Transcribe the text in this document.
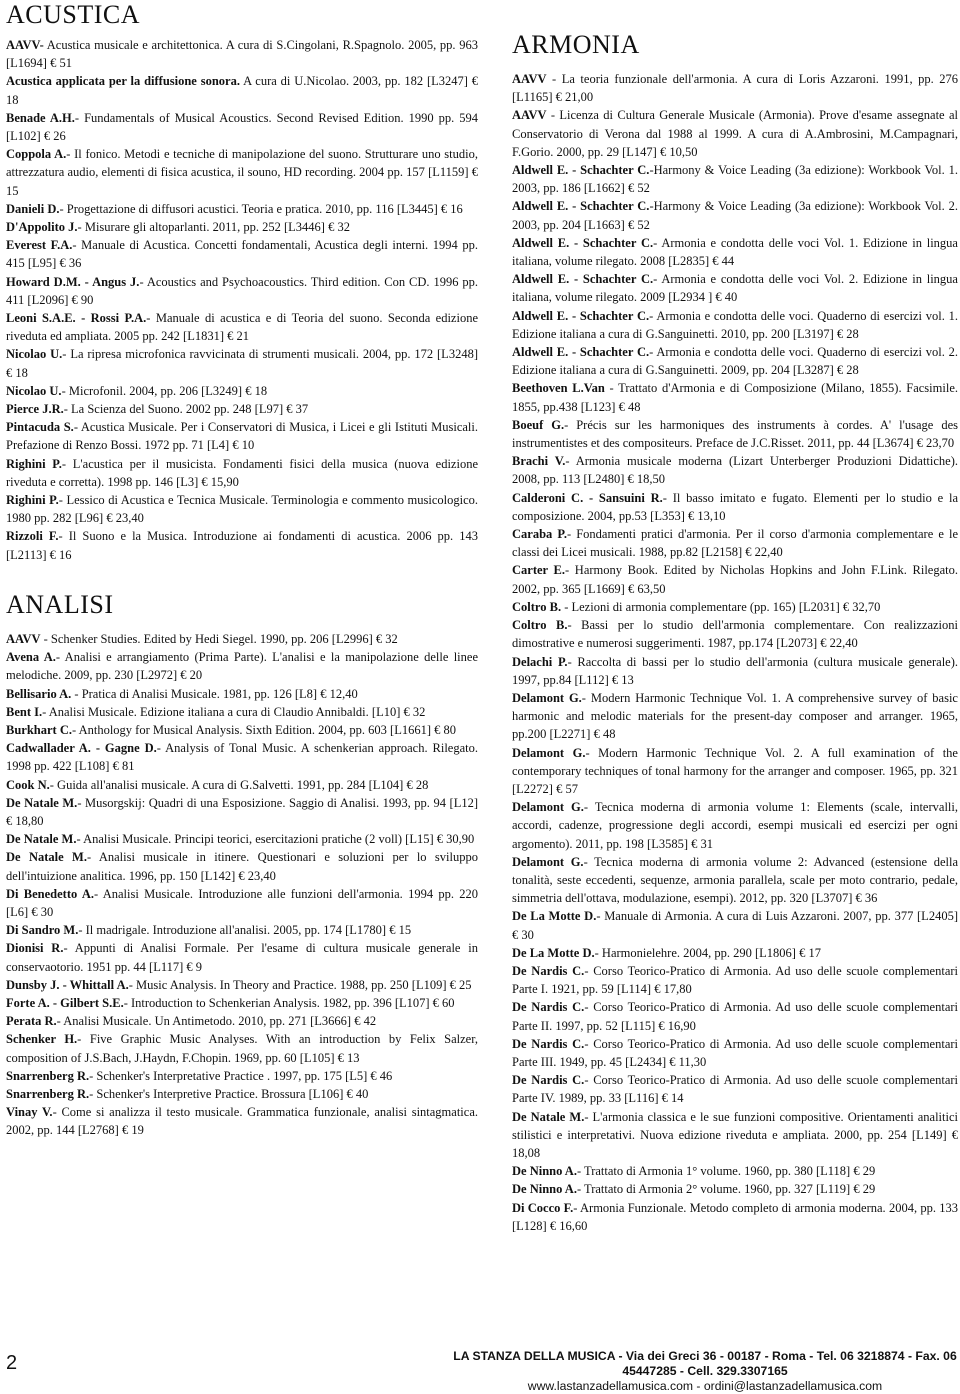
ACUSTICA

AAVV- Acustica musicale e architettonica. A cura di S.Cingolani, R.Spagnolo. 2005, pp. 963 [L1694] € 51

Acustica applicata per la diffusione sonora. A cura di U.Nicolao. 2003, pp. 182 [L3247] € 18

Benade A.H.- Fundamentals of Musical Acoustics. Second Revised Edition. 1990 pp. 594 [L102] € 26

Coppola A.- Il fonico. Metodi e tecniche di manipolazione del suono. Strutturare uno studio, attrezzatura audio, elementi di fisica acustica, il souno, HD recording. 2004 pp. 157 [L1159] € 15

Danieli D.- Progettazione di diffusori acustici. Teoria e pratica. 2010, pp. 116 [L3445] € 16

D'Appolito J.- Misurare gli altoparlanti. 2011, pp. 252 [L3446] € 32

Everest F.A.- Manuale di Acustica. Concetti fondamentali, Acustica degli interni. 1994 pp. 415 [L95] € 36

Howard D.M. - Angus J.- Acoustics and Psychoacoustics. Third edition. Con CD. 1996 pp. 411 [L2096] € 90

Leoni S.A.E. - Rossi P.A.- Manuale di acustica e di Teoria del suono. Seconda edizione riveduta ed ampliata. 2005 pp. 242 [L1831] € 21

Nicolao U.- La ripresa microfonica ravvicinata di strumenti musicali. 2004, pp. 172 [L3248] € 18

Nicolao U.- Microfonil. 2004, pp. 206 [L3249] € 18

Pierce J.R.- La Scienza del Suono. 2002 pp. 248 [L97] € 37

Pintacuda S.- Acustica Musicale. Per i Conservatori di Musica, i Licei e gli Istituti Musicali. Prefazione di Renzo Bossi. 1972 pp. 71 [L4] € 10

Righini P.- L'acustica per il musicista. Fondamenti fisici della musica (nuova edizione riveduta e corretta). 1998 pp. 146 [L3] € 15,90

Righini P.- Lessico di Acustica e Tecnica Musicale. Terminologia e commento musicologico. 1980 pp. 282 [L96] € 23,40

Rizzoli F.- Il Suono e la Musica. Introduzione ai fondamenti di acustica. 2006 pp. 143 [L2113] € 16

ANALISI

AAVV - Schenker Studies. Edited by Hedi Siegel. 1990, pp. 206 [L2996] € 32

Avena A.- Analisi e arrangiamento (Prima Parte). L'analisi e la manipolazione delle linee melodiche. 2009, pp. 230 [L2972] € 20

Bellisario A. - Pratica di Analisi Musicale. 1981, pp. 126 [L8] € 12,40

Bent I.- Analisi Musicale. Edizione italiana a cura di Claudio Annibaldi. [L10] € 32

Burkhart C.- Anthology for Musical Analysis. Sixth Edition. 2004, pp. 603 [L1661] € 80

Cadwallader A. - Gagne D.- Analysis of Tonal Music. A schenkerian approach. Rilegato. 1998 pp. 422 [L108] € 81

Cook N.- Guida all'analisi musicale. A cura di G.Salvetti. 1991, pp. 284 [L104] € 28

De Natale M.- Musorgskij: Quadri di una Esposizione. Saggio di Analisi. 1993, pp. 94 [L12] € 18,80

De Natale M.- Analisi Musicale. Principi teorici, esercitazioni pratiche (2 voll) [L15] € 30,90

De Natale M.- Analisi musicale in itinere. Questionari e soluzioni per lo sviluppo dell'intuizione analitica. 1996, pp. 150 [L142] € 23,40

Di Benedetto A.- Analisi Musicale. Introduzione alle funzioni dell'armonia. 1994 pp. 220 [L6] € 30

Di Sandro M.- Il madrigale. Introduzione all'analisi. 2005, pp. 174 [L1780] € 15

Dionisi R.- Appunti di Analisi Formale. Per l'esame di cultura musicale generale in conservaotorio. 1951 pp. 44 [L117] € 9

Dunsby J. - Whittall A.- Music Analysis. In Theory and Practice. 1988, pp. 250 [L109] € 25

Forte A. - Gilbert S.E.- Introduction to Schenkerian Analysis. 1982, pp. 396 [L107] € 60

Perata R.- Analisi Musicale. Un Antimetodo. 2010, pp. 271 [L3666] € 42

Schenker H.- Five Graphic Music Analyses. With an introduction by Felix Salzer, composition of J.S.Bach, J.Haydn, F.Chopin. 1969, pp. 60 [L105] € 13

Snarrenberg R.- Schenker's Interpretative Practice . 1997, pp. 175 [L5] € 46

Snarrenberg R.- Schenker's Interpretive Practice. Brossura [L106] € 40

Vinay V.- Come si analizza il testo musicale. Grammatica funzionale, analisi sintagmatica. 2002, pp. 144 [L2768] € 19

ARMONIA

AAVV - La teoria funzionale dell'armonia. A cura di Loris Azzaroni. 1991, pp. 276 [L1165] € 21,00

AAVV - Licenza di Cultura Generale Musicale (Armonia). Prove d'esame assegnate al Conservatorio di Verona dal 1988 al 1999. A cura di A.Ambrosini, M.Campagnari, F.Gorio. 2000, pp. 29 [L147] € 10,50

Aldwell E. - Schachter C.-Harmony & Voice Leading (3a edizione): Workbook Vol. 1. 2003, pp. 186 [L1662] € 52

Aldwell E. - Schachter C.-Harmony & Voice Leading (3a edizione): Workbook Vol. 2. 2003, pp. 204 [L1663] € 52

Aldwell E. - Schachter C.- Armonia e condotta delle voci Vol. 1. Edizione in lingua italiana, volume rilegato. 2008 [L2835] € 44

Aldwell E. - Schachter C.- Armonia e condotta delle voci Vol. 2. Edizione in lingua italiana, volume rilegato. 2009 [L2934 ] € 40

Aldwell E. - Schachter C.- Armonia e condotta delle voci. Quaderno di esercizi vol. 1. Edizione italiana a cura di G.Sanguinetti. 2010, pp. 200 [L3197] € 28

Aldwell E. - Schachter C.- Armonia e condotta delle voci. Quaderno di esercizi vol. 2. Edizione italiana a cura di G.Sanguinetti. 2009, pp. 204 [L3287] € 28

Beethoven L.Van - Trattato d'Armonia e di Composizione (Milano, 1855). Facsimile. 1855, pp.438 [L123] € 48

Boeuf G.- Précis sur les harmoniques des instruments à cordes. A' l'usage des instrumentistes et des compositeurs. Preface de J.C.Risset. 2011, pp. 44 [L3674] € 23,70

Brachi V.- Armonia musicale moderna (Lizart Unterberger Produzioni Didattiche). 2008, pp. 113 [L2480] € 18,50

Calderoni C. - Sansuini R.- Il basso imitato e fugato. Elementi per lo studio e la composizione. 2004, pp.53 [L353] € 13,10

Caraba P.- Fondamenti pratici d'armonia. Per il corso d'armonia complementare e le classi dei Licei musicali. 1988, pp.82 [L2158] € 22,40

Carter E.- Harmony Book. Edited by Nicholas Hopkins and John F.Link. Rilegato. 2002, pp. 365 [L1669] € 63,50

Coltro B. - Lezioni di armonia complementare (pp. 165) [L2031] € 32,70

Coltro B.- Bassi per lo studio dell'armonia complementare. Con realizzazioni dimostrative e numerosi suggerimenti. 1987, pp.174 [L2073] € 22,40

Delachi P.- Raccolta di bassi per lo studio dell'armonia (cultura musicale generale). 1997, pp.84 [L112] € 13

Delamont G.- Modern Harmonic Technique Vol. 1. A comprehensive survey of basic harmonic and melodic materials for the present-day composer and arranger. 1965, pp.200 [L2271] € 48

Delamont G.- Modern Harmonic Technique Vol. 2. A full examination of the contemporary techniques of tonal harmony for the arranger and composer. 1965, pp. 321 [L2272] € 57

Delamont G.- Tecnica moderna di armonia volume 1: Elements (scale, intervalli, accordi, cadenze, progressione degli accordi, esempi musicali ed esercizi per ogni argomento). 2011, pp. 198 [L3585] € 31

Delamont G.- Tecnica moderna di armonia volume 2: Advanced (estensione della tonalità, seste eccedenti, sequenze, armonia parallela, scale per moto contrario, pedale, simmetria dell'ottava, modulazione, esempi). 2012, pp. 320 [L3707] € 36

De La Motte D.- Manuale di Armonia. A cura di Luis Azzaroni. 2007, pp. 377 [L2405] € 30

De La Motte D.- Harmonielehre. 2004, pp. 290 [L1806] € 17

De Nardis C.- Corso Teorico-Pratico di Armonia. Ad uso delle scuole complementari Parte I. 1921, pp. 59 [L114] € 17,80

De Nardis C.- Corso Teorico-Pratico di Armonia. Ad uso delle scuole complementari Parte II. 1997, pp. 52 [L115] € 16,90

De Nardis C.- Corso Teorico-Pratico di Armonia. Ad uso delle scuole complementari Parte III. 1949, pp. 45 [L2434] € 11,30

De Nardis C.- Corso Teorico-Pratico di Armonia. Ad uso delle scuole complementari Parte IV. 1989, pp. 33 [L116] € 14

De Natale M.- L'armonia classica e le sue funzioni compositive. Orientamenti analitici stilistici e interpretativi. Nuova edizione riveduta e ampliata. 2000, pp. 254 [L149] € 18,08

De Ninno A.- Trattato di Armonia 1° volume. 1960, pp. 380 [L118] € 29

De Ninno A.- Trattato di Armonia 2° volume. 1960, pp. 327 [L119] € 29

Di Cocco F.- Armonia Funzionale. Metodo completo di armonia moderna. 2004, pp. 133 [L128] € 16,60

2	LA STANZA DELLA MUSICA - Via dei Greci 36 - 00187 - Roma - Tel. 06 3218874 - Fax. 06 45447285 - Cell. 329.3307165
www.lastanzadellamusica.com - ordini@lastanzadellamusica.com
